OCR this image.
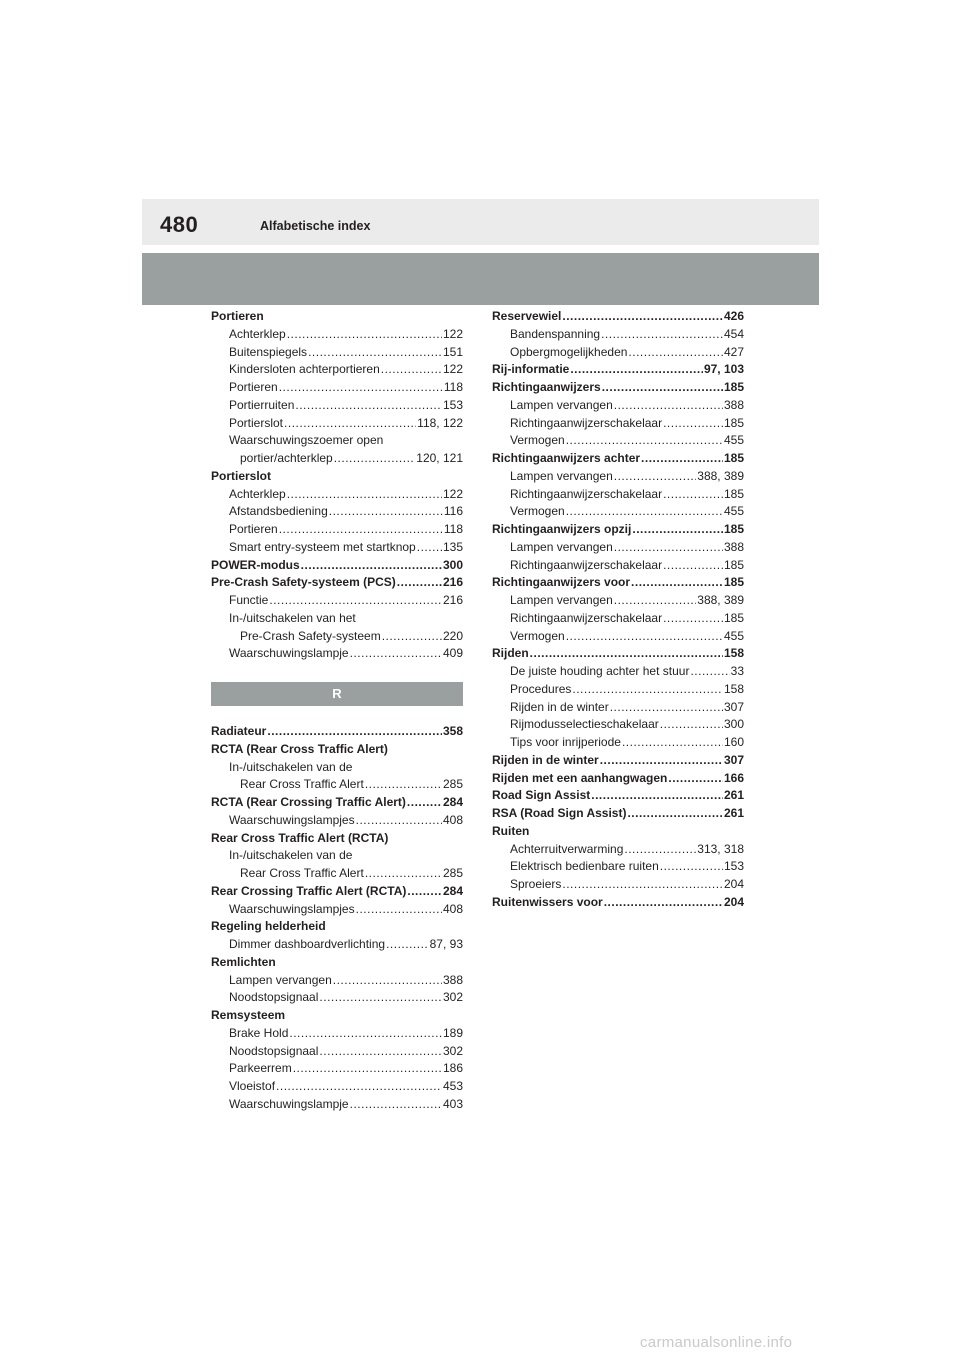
480	Alfabetische index
Portieren
Achterklep .....	122
Buitenspiegels .....	151
Kindersloten achterportieren .....	122
Portieren .....	118
Portierruiten .....	153
Portierslot .....	118, 122
Waarschuwingszoemer open
portier/achterklep .....	120, 121
Portierslot
Achterklep .....	122
Afstandsbediening .....	116
Portieren .....	118
Smart entry-systeem met startknop ..... 135
POWER-modus .....	300
Pre-Crash Safety-systeem (PCS) .....	216
Functie .....	216
In-/uitschakelen van het
Pre-Crash Safety-systeem .....	220
Waarschuwingslampje .....	409
R
Radiateur .....	358
RCTA (Rear Cross Traffic Alert)
In-/uitschakelen van de
Rear Cross Traffic Alert .....	285
RCTA (Rear Crossing Traffic Alert) .....	284
Waarschuwingslampjes .....	408
Rear Cross Traffic Alert (RCTA)
In-/uitschakelen van de
Rear Cross Traffic Alert .....	285
Rear Crossing Traffic Alert (RCTA) .....	284
Waarschuwingslampjes .....	408
Regeling helderheid
Dimmer dashboardverlichting .....	87, 93
Remlichten
Lampen vervangen .....	388
Noodstopsignaal .....	302
Remsysteem
Brake Hold .....	189
Noodstopsignaal .....	302
Parkeerrem .....	186
Vloeistof .....	453
Waarschuwingslampje .....	403
Reservewiel .....	426
Bandenspanning .....	454
Opbergmogelijkheden .....	427
Rij-informatie .....	97, 103
Richtingaanwijzers .....	185
Lampen vervangen .....	388
Richtingaanwijzerschakelaar .....	185
Vermogen .....	455
Richtingaanwijzers achter .....	185
Lampen vervangen .....	388, 389
Richtingaanwijzerschakelaar .....	185
Vermogen .....	455
Richtingaanwijzers opzij .....	185
Lampen vervangen .....	388
Richtingaanwijzerschakelaar .....	185
Richtingaanwijzers voor .....	185
Lampen vervangen .....	388, 389
Richtingaanwijzerschakelaar .....	185
Vermogen .....	455
Rijden .....	158
De juiste houding achter het stuur .....	33
Procedures .....	158
Rijden in de winter .....	307
Rijmodusselectieschakelaar .....	300
Tips voor inrijperiode .....	160
Rijden in de winter .....	307
Rijden met een aanhangwagen .....	166
Road Sign Assist .....	261
RSA (Road Sign Assist) .....	261
Ruiten
Achterruitverwarming .....	313, 318
Elektrisch bedienbare ruiten .....	153
Sproeiers .....	204
Ruitenwissers voor .....	204
carmanualsonline.info
